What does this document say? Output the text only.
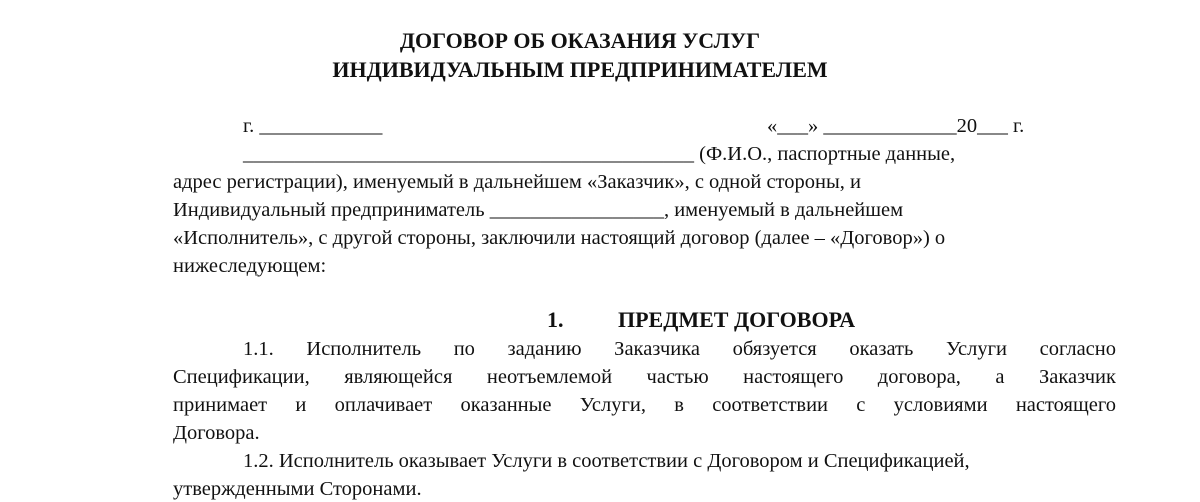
ДОГОВОР ОБ ОКАЗАНИЯ УСЛУГ
ИНДИВИДУАЛЬНЫМ ПРЕДПРИНИМАТЕЛЕМ
г. ____________	«___» _____________20___ г.
____________________________________________ (Ф.И.О., паспортные данные,
адрес регистрации), именуемый в дальнейшем «Заказчик», с одной стороны, и
Индивидуальный предприниматель _________________, именуемый в дальнейшем
«Исполнитель», с другой стороны, заключили настоящий договор (далее – «Договор») о
нижеследующем:
1. ПРЕДМЕТ ДОГОВОРА
1.1. Исполнитель по заданию Заказчика обязуется оказать Услуги согласно
Спецификации, являющейся неотъемлемой частью настоящего договора, а Заказчик
принимает и оплачивает оказанные Услуги, в соответствии с условиями настоящего
Договора.
1.2. Исполнитель оказывает Услуги в соответствии с Договором и Спецификацией,
утвержденными Сторонами.
